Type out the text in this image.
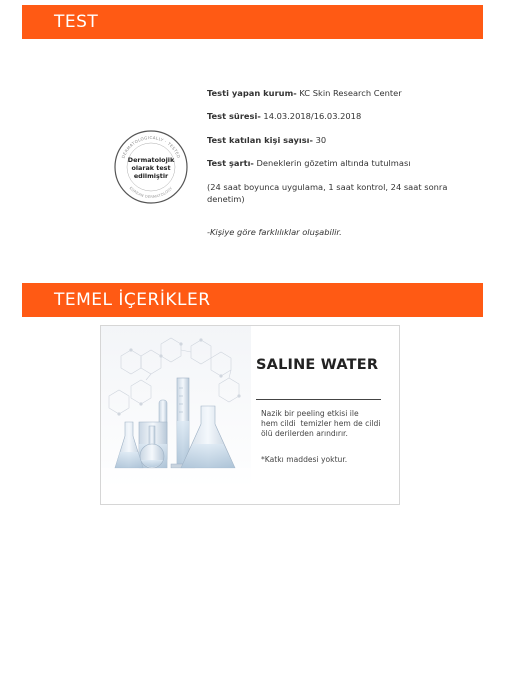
TEST
DERMATOLOGICALLY · TESTED
KOREAN DERMATOLOGY
Dermatolojik
olarak test
edilmiştir

Testi yapan kurum- KC Skin Research Center

Test süresi- 14.03.2018/16.03.2018

Test katılan kişi sayısı- 30

Test şartı- Deneklerin gözetim altında tutulması

(24 saat boyunca uygulama, 1 saat kontrol, 24 saat sonra

denetim)

-Kişiye göre farklılıklar oluşabilir.

TEMEL İÇERİKLER
SALINE WATER
Nazik bir peeling etkisi ile
hem cildi  temizler hem de cildi
ölü derilerden arındırır.
*Katkı maddesi yoktur.
